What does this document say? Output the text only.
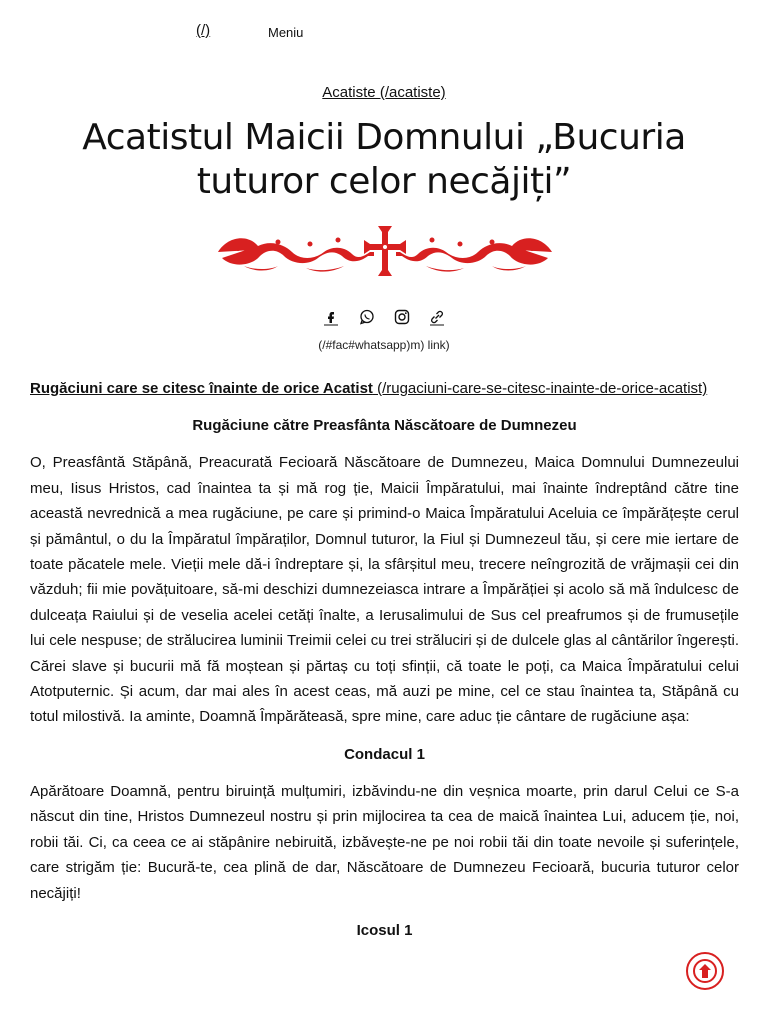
(/)	Meniu
Acatiste (/acatiste)
Acatistul Maicii Domnului „Bucuria tuturor celor necăjiți”
(/#fac#whatsapp)m) link)
Rugăciuni care se citesc înainte de orice Acatist (/rugaciuni-care-se-citesc-inainte-de-orice-acatist)
Rugăciune către Preasfânta Născătoare de Dumnezeu

O, Preasfântă Stăpână, Preacurată Fecioară Născătoare de Dumnezeu, Maica Domnului Dumnezeului meu, Iisus Hristos, cad înaintea ta și mă rog ție, Maicii Împăratului, mai înainte îndreptând către tine această nevrednică a mea rugăciune, pe care și primind-o Maica Împăratului Aceluia ce împărățește cerul și pământul, o du la Împăratul împăraților, Domnul tuturor, la Fiul și Dumnezeul tău, și cere mie iertare de toate păcatele mele. Vieții mele dă-i îndreptare și, la sfârșitul meu, trecere neîngrozită de vrăjmașii cei din văzduh; fii mie povățuitoare, să-mi deschizi dumnezeiasca intrare a Împărăției și acolo să mă îndulcesc de dulceața Raiului și de veselia acelei cetăți înalte, a Ierusalimului de Sus cel preafrumos și de frumusețile lui cele nespuse; de strălucirea luminii Treimii celei cu trei străluciri și de dulcele glas al cântărilor îngerești. Cărei slave și bucurii mă fă moștean și părtaș cu toți sfinții, că toate le poți, ca Maica Împăratului celui Atotputernic. Și acum, dar mai ales în acest ceas, mă auzi pe mine, cel ce stau înaintea ta, Stăpână cu totul milostivă. Ia aminte, Doamnă Împărăteasă, spre mine, care aduc ție cântare de rugăciune așa:

Condacul 1

Apărătoare Doamnă, pentru biruință mulțumiri, izbăvindu-ne din veșnica moarte, prin darul Celui ce S-a născut din tine, Hristos Dumnezeul nostru și prin mijlocirea ta cea de maică înaintea Lui, aducem ție, noi, robii tăi. Ci, ca ceea ce ai stăpânire nebiruită, izbăvește-ne pe noi robii tăi din toate nevoile și suferințele, care strigăm ție: Bucură-te, cea plină de dar, Născătoare de Dumnezeu Fecioară, bucuria tuturor celor necăjiți!

Icosul 1
